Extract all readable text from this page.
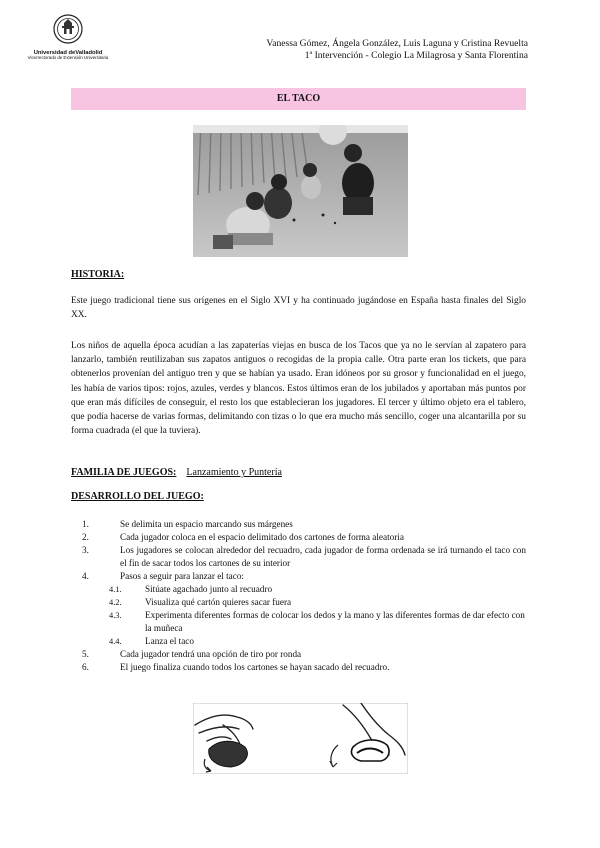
Universidad deValladolid
Vicerrectorado de Extensión Universitaria
Vanessa Gómez, Ángela González, Luis Laguna y Cristina Revuelta
1ª Intervención - Colegio La Milagrosa y Santa Florentina
EL TACO
HISTORIA:

Este juego tradicional tiene sus orígenes en el Siglo XVI y ha continuado jugándose en España hasta finales del Siglo XX.

Los niños de aquella época acudían a las zapaterías viejas en busca de los Tacos que ya no le servían al zapatero para lanzarlo, también reutilizaban sus zapatos antiguos o recogidas de la propia calle. Otra parte eran los tickets, que para obtenerlos provenían del antiguo tren y que se habían ya usado. Eran idóneos por su grosor y funcionalidad en el juego, les había de varios tipos: rojos, azules, verdes y blancos. Estos últimos eran de los jubilados y aportaban más puntos por que eran más difíciles de conseguir, el resto los que establecieran los jugadores. El tercer y último objeto era el tablero, que podía hacerse de varias formas, delimitando con tizas o lo que era mucho más sencillo, coger una alcantarilla por su forma cuadrada (el que la tuviera).

FAMILIA DE JUEGOS: Lanzamiento y Puntería
DESARROLLO DEL JUEGO:
1.	Se delimita un espacio marcando sus márgenes
2.	Cada jugador coloca en el espacio delimitado dos cartones de forma aleatoria
3.	Los jugadores se colocan alrededor del recuadro, cada jugador de forma ordenada se irá turnando el taco con el fin de sacar todos los cartones de su interior
4.	Pasos a seguir para lanzar el taco:
4.1.	Sitúate agachado junto al recuadro
4.2.	Visualiza qué cartón quieres sacar fuera
4.3.	Experimenta diferentes formas de colocar los dedos y la mano y las diferentes formas de dar efecto con la muñeca
4.4.	Lanza el taco
5.	Cada jugador tendrá una opción de tiro por ronda
6.	El juego finaliza cuando todos los cartones se hayan sacado del recuadro.
